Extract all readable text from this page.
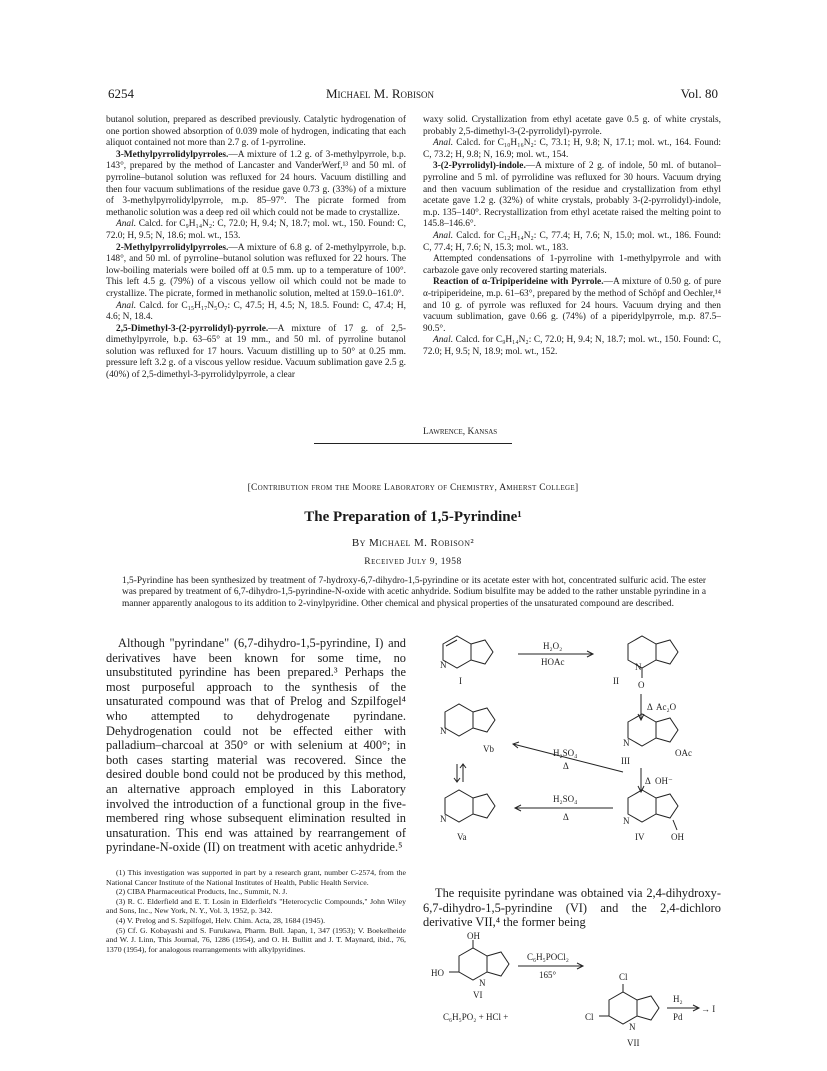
6254	Michael M. Robison	Vol. 80

butanol solution, prepared as described previously. Catalytic hydrogenation of one portion showed absorption of 0.039 mole of hydrogen, indicating that each aliquot contained not more than 2.7 g. of 1-pyrroline.

3-Methylpyrrolidylpyrroles.—A mixture of 1.2 g. of 3-methylpyrrole, b.p. 143°, prepared by the method of Lancaster and VanderWerf,¹³ and 50 ml. of pyrroline–butanol solution was refluxed for 24 hours. Vacuum distilling and then four vacuum sublimations of the residue gave 0.73 g. (33%) of a mixture of 3-methylpyrrolidylpyrrole, m.p. 85–97°. The picrate formed from methanolic solution was a deep red oil which could not be made to crystallize.

Anal. Calcd. for C₉H₁₄N₂: C, 72.0; H, 9.4; N, 18.7; mol. wt., 150. Found: C, 72.0; H, 9.5; N, 18.6; mol. wt., 153.

2-Methylpyrrolidylpyrroles.—A mixture of 6.8 g. of 2-methylpyrrole, b.p. 148°, and 50 ml. of pyrroline–butanol solution was refluxed for 22 hours. The low-boiling materials were boiled off at 0.5 mm. up to a temperature of 100°. This left 4.5 g. (79%) of a viscous yellow oil which could not be made to crystallize. The picrate, formed in methanolic solution, melted at 159.0–161.0°.

Anal. Calcd. for C₁₅H₁₇N₅O₇: C, 47.5; H, 4.5; N, 18.5. Found: C, 47.4; H, 4.6; N, 18.4.

2,5-Dimethyl-3-(2-pyrrolidyl)-pyrrole.—A mixture of 17 g. of 2,5-dimethylpyrrole, b.p. 63–65° at 19 mm., and 50 ml. of pyrroline butanol solution was refluxed for 17 hours. Vacuum distilling up to 50° at 0.25 mm. pressure left 3.2 g. of a viscous yellow residue. Vacuum sublimation gave 2.5 g. (40%) of 2,5-dimethyl-3-pyrrolidylpyrrole, a clear

waxy solid. Crystallization from ethyl acetate gave 0.5 g. of white crystals, probably 2,5-dimethyl-3-(2-pyrrolidyl)-pyrrole.

Anal. Calcd. for C₁₀H₁₆N₂: C, 73.1; H, 9.8; N, 17.1; mol. wt., 164. Found: C, 73.2; H, 9.8; N, 16.9; mol. wt., 154.

3-(2-Pyrrolidyl)-indole.—A mixture of 2 g. of indole, 50 ml. of butanol–pyrroline and 5 ml. of pyrrolidine was refluxed for 30 hours. Vacuum drying and then vacuum sublimation of the residue and crystallization from ethyl acetate gave 1.2 g. (32%) of white crystals, probably 3-(2-pyrrolidyl)-indole, m.p. 135–140°. Recrystallization from ethyl acetate raised the melting point to 145.8–146.6°.

Anal. Calcd. for C₁₂H₁₄N₂: C, 77.4; H, 7.6; N, 15.0; mol. wt., 186. Found: C, 77.4; H, 7.6; N, 15.3; mol. wt., 183.

Attempted condensations of 1-pyrroline with 1-methylpyrrole and with carbazole gave only recovered starting materials.

Reaction of α-Tripiperideine with Pyrrole.—A mixture of 0.50 g. of pure α-tripiperideine, m.p. 61–63°, prepared by the method of Schöpf and Oechler,¹⁴ and 10 g. of pyrrole was refluxed for 24 hours. Vacuum drying and then vacuum sublimation, gave 0.66 g. (74%) of a piperidylpyrrole, m.p. 87.5–90.5°.

Anal. Calcd. for C₉H₁₄N₂: C, 72.0; H, 9.4; N, 18.7; mol. wt., 150. Found: C, 72.0; H, 9.5; N, 18.9; mol. wt., 152.

Lawrence, Kansas
[Contribution from the Moore Laboratory of Chemistry, Amherst College]
The Preparation of 1,5-Pyrindine¹
By Michael M. Robison²
Received July 9, 1958
1,5-Pyrindine has been synthesized by treatment of 7-hydroxy-6,7-dihydro-1,5-pyrindine or its acetate ester with hot, concentrated sulfuric acid. The ester was prepared by treatment of 6,7-dihydro-1,5-pyrindine-N-oxide with acetic anhydride. Sodium bisulfite may be added to the rather unstable pyrindine in a manner apparently analogous to its addition to 2-vinylpyridine. Other chemical and physical properties of the unsaturated compound are described.
Although "pyrindane" (6,7-dihydro-1,5-pyrindine, I) and derivatives have been known for some time, no unsubstituted pyrindine has been prepared.³ Perhaps the most purposeful approach to the synthesis of the unsaturated compound was that of Prelog and Szpilfogel⁴ who attempted to dehydrogenate pyrindane. Dehydrogenation could not be effected either with palladium–charcoal at 350° or with selenium at 400°; in both cases starting material was recovered. Since the desired double bond could not be produced by this method, an alternative approach employed in this Laboratory involved the introduction of a functional group in the five-membered ring whose subsequent elimination resulted in unsaturation. This end was attained by rearrangement of pyrindane-N-oxide (II) on treatment with acetic anhydride.⁵

(1) This investigation was supported in part by a research grant, number C-2574, from the National Cancer Institute of the National Institutes of Health, Public Health Service.

(2) CIBA Pharmaceutical Products, Inc., Summit, N. J.

(3) R. C. Elderfield and E. T. Losin in Elderfield's "Heterocyclic Compounds," John Wiley and Sons, Inc., New York, N. Y., Vol. 3, 1952, p. 342.

(4) V. Prelog and S. Szpilfogel, Helv. Chim. Acta, 28, 1684 (1945).

(5) Cf. G. Kobayashi and S. Furukawa, Pharm. Bull. Japan, 1, 347 (1953); V. Boekelheide and W. J. Linn, This Journal, 76, 1286 (1954), and O. H. Bullitt and J. T. Maynard, ibid., 76, 1370 (1954), for analogous rearrangements with alkylpyridines.

N
I
H₂O₂
HOAc	N
II O
Δ Ac₂O
N
Vb
N
III
OAc
H₂SO₄
Δ
Δ OH⁻
N
Va
H₂SO₄
Δ	N
IV	OH
The requisite pyrindane was obtained via 2,4-dihydroxy-6,7-dihydro-1,5-pyrindine (VI) and the 2,4-dichloro derivative VII,⁴ the former being
OH
HO
N
VI
C₆H₅POCl₂
165°	Cl
Cl
C₆H₅PO₂ + HCl +
N
VII
H₂
Pd
→ I
